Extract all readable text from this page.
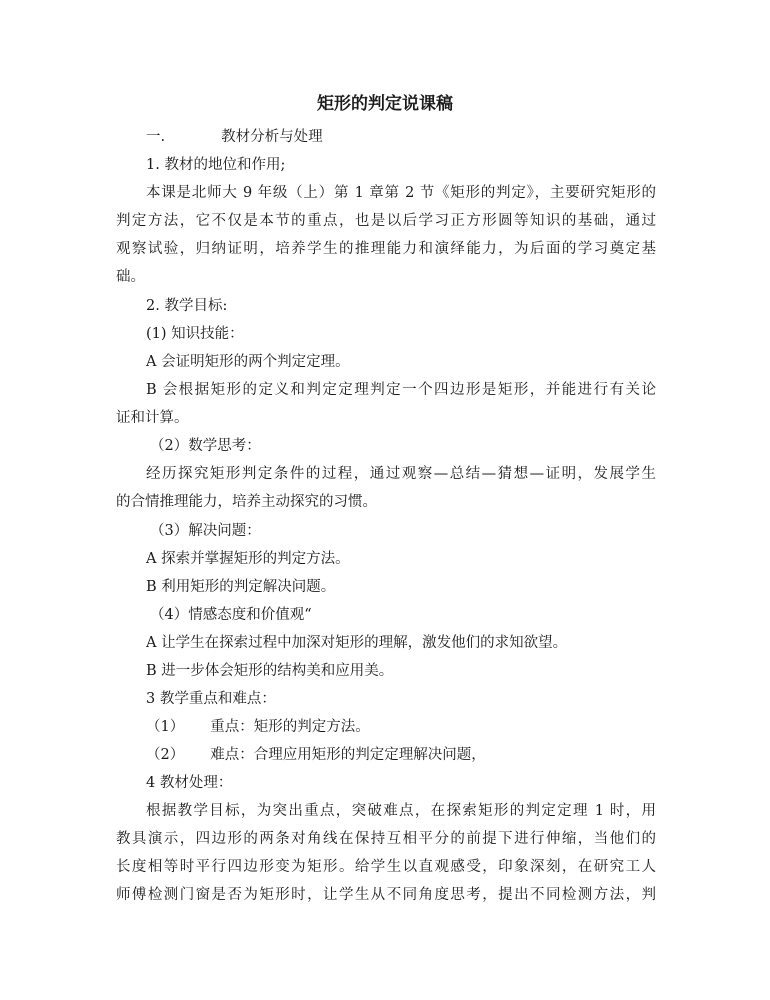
矩形的判定说课稿

一.	教材分析与处理

1. 教材的地位和作用;

本课是北师大 9 年级（上）第 1 章第 2 节《矩形的判定》，主要研究矩形的

判定方法，它不仅是本节的重点，也是以后学习正方形圆等知识的基础，通过

观察试验，归纳证明，培养学生的推理能力和演绎能力，为后面的学习奠定基

础。

2. 教学目标:

(1) 知识技能：

A 会证明矩形的两个判定定理。

B 会根据矩形的定义和判定定理判定一个四边形是矩形，并能进行有关论

证和计算。

（2）数学思考：

经历探究矩形判定条件的过程，通过观察—总结—猜想—证明，发展学生

的合情推理能力，培养主动探究的习惯。

（3）解决问题：

A 探索并掌握矩形的判定方法。

B 利用矩形的判定解决问题。

（4）情感态度和价值观“

A 让学生在探索过程中加深对矩形的理解，激发他们的求知欲望。

B 进一步体会矩形的结构美和应用美。

3 教学重点和难点：

（1） 重点：矩形的判定方法。

（2） 难点：合理应用矩形的判定定理解决问题，

4 教材处理：

根据教学目标，为突出重点，突破难点，在探索矩形的判定定理 1 时，用

教具演示，四边形的两条对角线在保持互相平分的前提下进行伸缩，当他们的

长度相等时平行四边形变为矩形。给学生以直观感受，印象深刻，在研究工人

师傅检测门窗是否为矩形时，让学生从不同角度思考，提出不同检测方法，判
